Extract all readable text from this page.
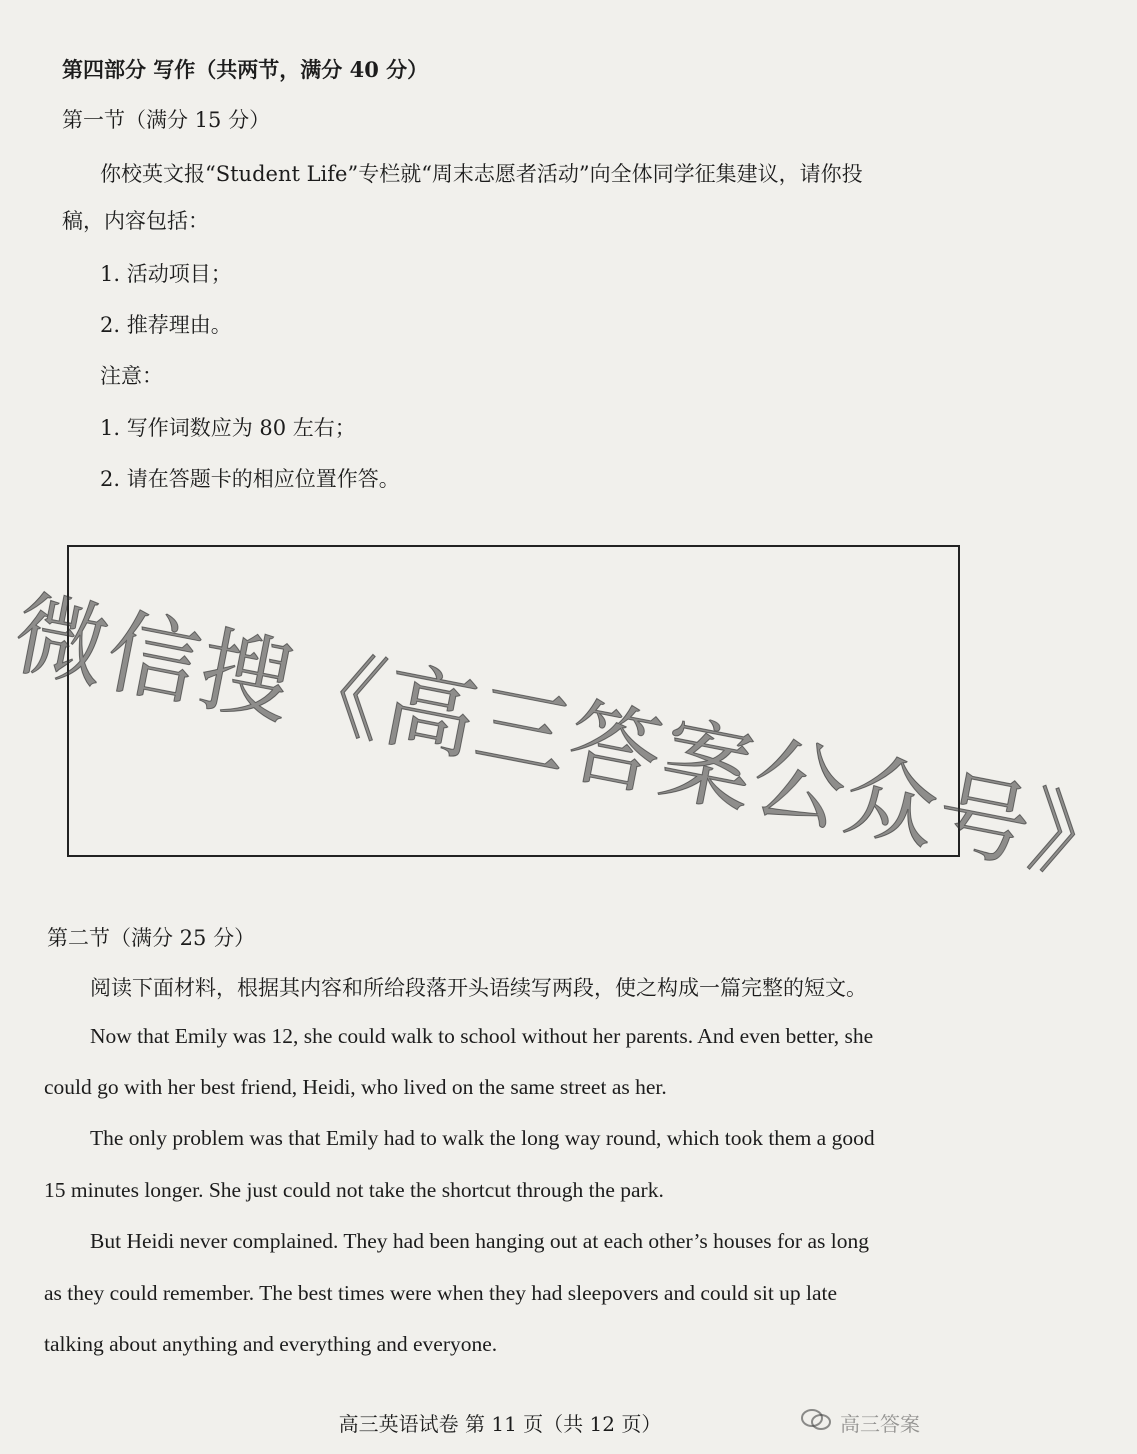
第四部分 写作（共两节，满分 40 分）
第一节（满分 15 分）
你校英文报“Student Life”专栏就“周末志愿者活动”向全体同学征集建议，请你投
稿，内容包括：
1. 活动项目；
2. 推荐理由。
注意：
1. 写作词数应为 80 左右；
2. 请在答题卡的相应位置作答。
第二节（满分 25 分）
阅读下面材料，根据其内容和所给段落开头语续写两段，使之构成一篇完整的短文。
Now that Emily was 12, she could walk to school without her parents. And even better, she
could go with her best friend, Heidi, who lived on the same street as her.
The only problem was that Emily had to walk the long way round, which took them a good
15 minutes longer. She just could not take the shortcut through the park.
But Heidi never complained. They had been hanging out at each other’s houses for as long
as they could remember. The best times were when they had sleepovers and could sit up late
talking about anything and everything and everyone.
微信搜《高三答案公众号》
高三英语试卷 第 11 页（共 12 页）	高三答案
